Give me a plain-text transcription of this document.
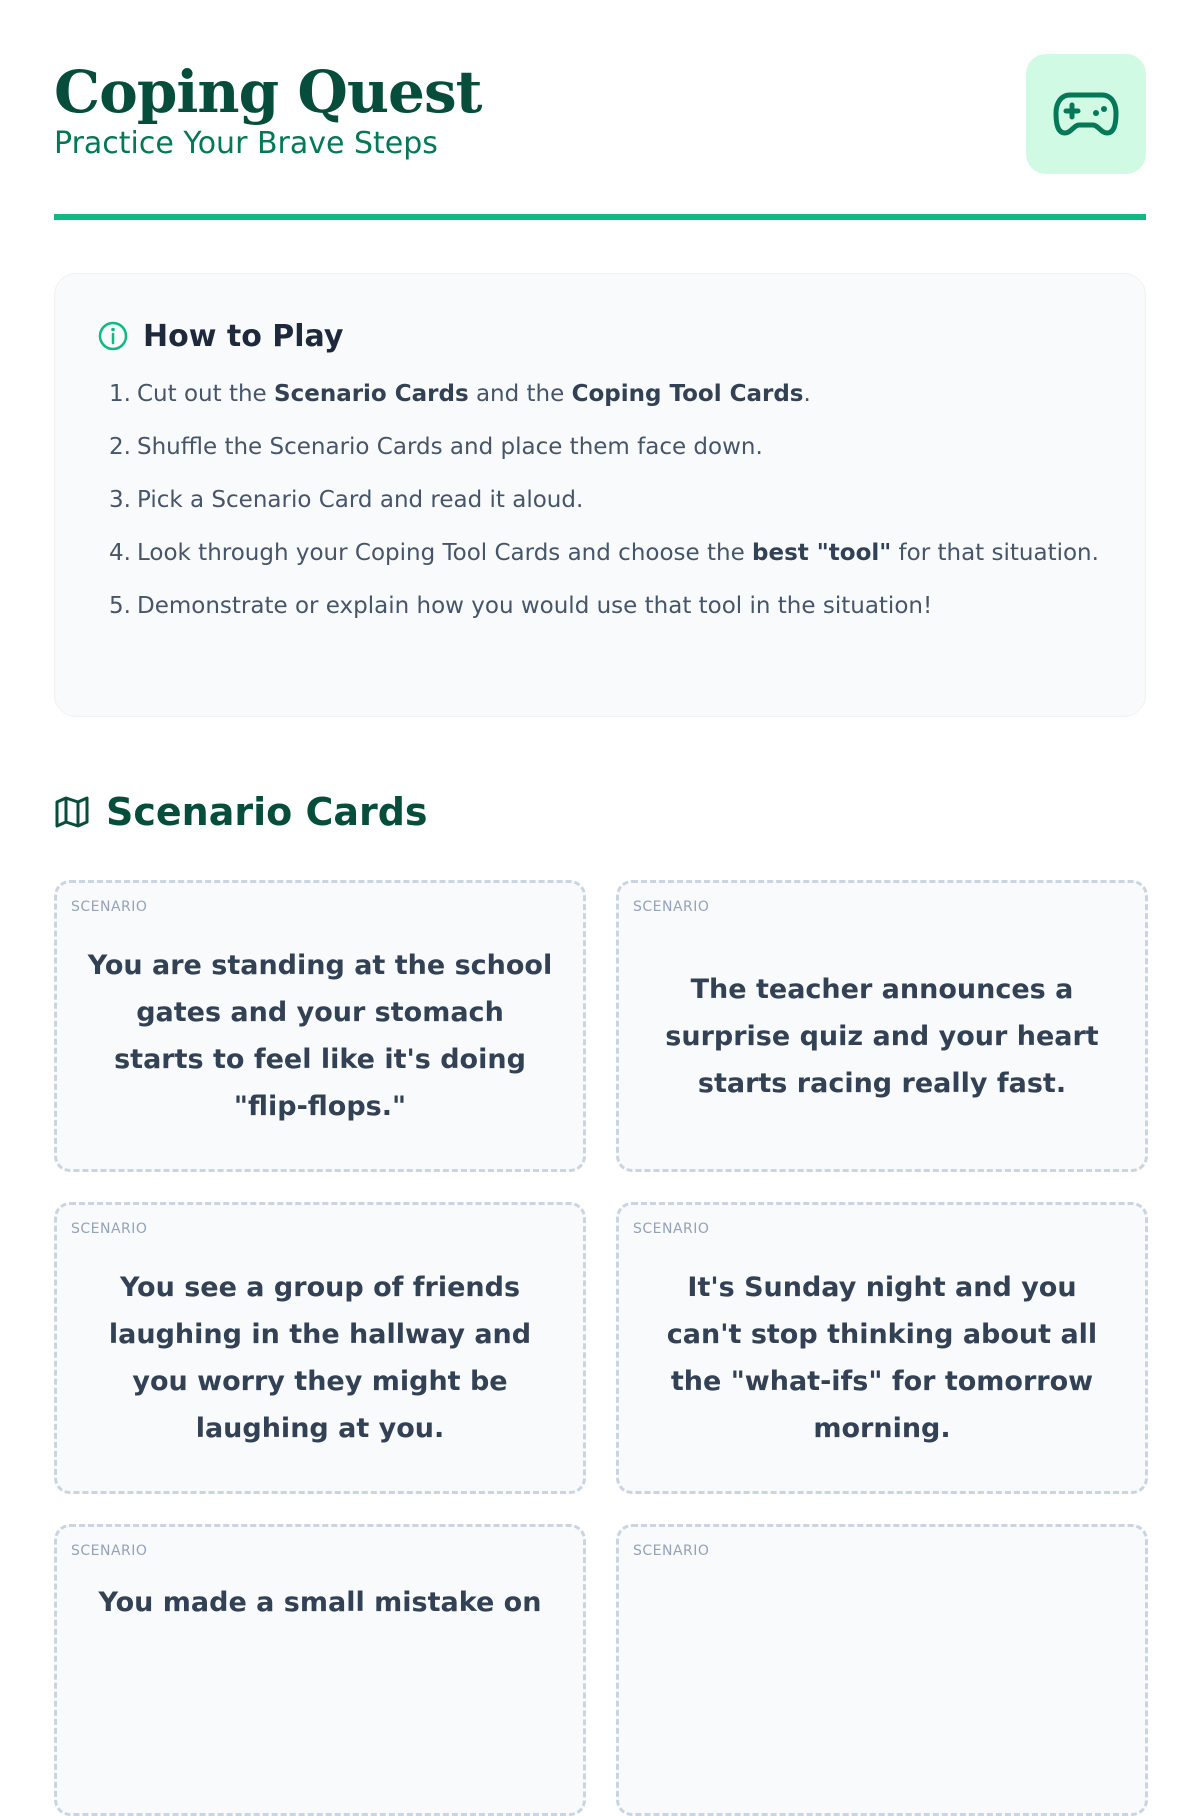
Coping Quest
Practice Your Brave Steps
How to Play
1. Cut out the Scenario Cards and the Coping Tool Cards.
2. Shuffle the Scenario Cards and place them face down.
3. Pick a Scenario Card and read it aloud.
4. Look through your Coping Tool Cards and choose the best "tool" for that situation.
5. Demonstrate or explain how you would use that tool in the situation!
Scenario Cards
SCENARIO
You are standing at the school gates and your stomach starts to feel like it's doing "flip-flops."
SCENARIO
The teacher announces a surprise quiz and your heart starts racing really fast.
SCENARIO
You see a group of friends laughing in the hallway and you worry they might be laughing at you.
SCENARIO
It's Sunday night and you can't stop thinking about all the "what-ifs" for tomorrow morning.
SCENARIO
You made a small mistake on
SCENARIO
